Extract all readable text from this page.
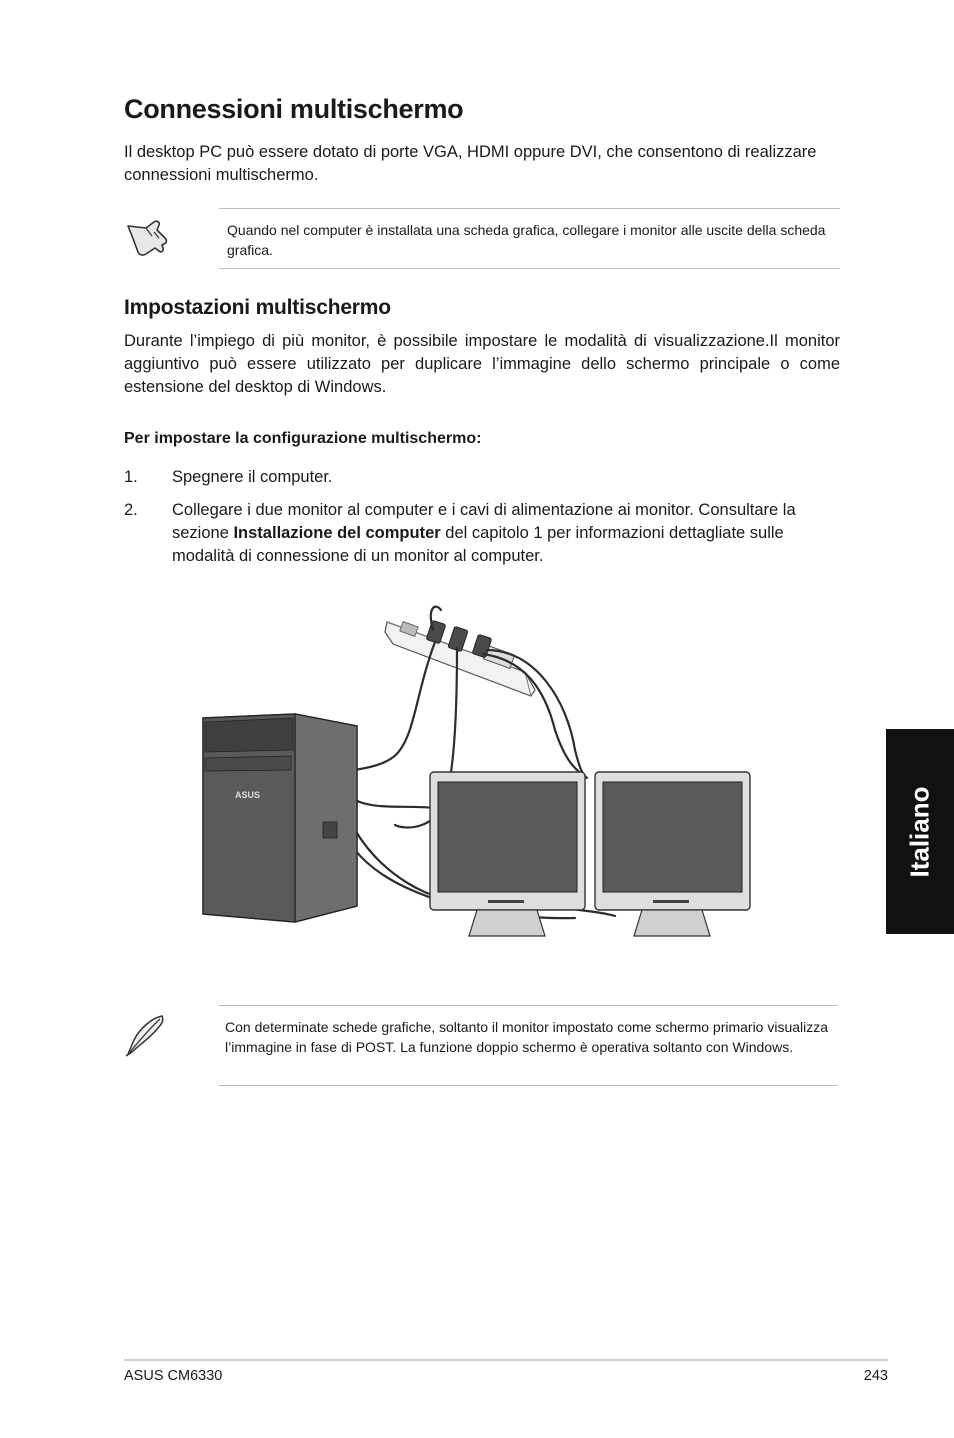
Connessioni multischermo
Il desktop PC può essere dotato di porte VGA, HDMI oppure DVI, che consentono di realizzare connessioni multischermo.
Quando nel computer è installata una scheda grafica, collegare i monitor alle uscite della scheda grafica.
Impostazioni multischermo
Durante l’impiego di più monitor, è possibile impostare le modalità di visualizzazione.Il monitor aggiuntivo può essere utilizzato per duplicare l’immagine dello schermo principale o come estensione del desktop di Windows.
Per impostare la configurazione multischermo:
1. Spegnere il computer.
2. Collegare i due monitor al computer e i cavi di alimentazione ai monitor. Consultare la sezione Installazione del computer del capitolo 1 per informazioni dettagliate sulle modalità di connessione di un monitor al computer.
ASUS
Con determinate schede grafiche, soltanto il monitor impostato come schermo primario visualizza l’immagine in fase di POST. La funzione doppio schermo è operativa soltanto con Windows.
Italiano
ASUS CM6330	243
